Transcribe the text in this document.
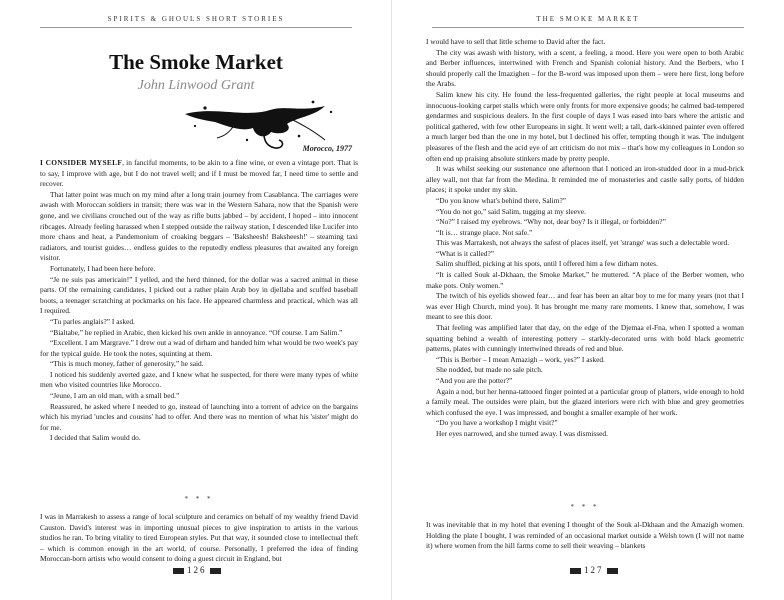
SPIRITS & GHOULS SHORT STORIES
The Smoke Market
John Linwood Grant
Morocco, 1977

I CONSIDER MYSELF, in fanciful moments, to be akin to a fine wine, or even a vintage port. That is to say, I improve with age, but I do not travel well; and if I must be moved far, I need time to settle and recover.

That latter point was much on my mind after a long train journey from Casablanca. The carriages were awash with Moroccan soldiers in transit; there was war in the Western Sahara, now that the Spanish were gone, and we civilians crouched out of the way as rifle butts jabbed – by accident, I hoped – into innocent ribcages. Already feeling harassed when I stepped outside the railway station, I descended like Lucifer into more chaos and heat, a Pandemonium of croaking beggars – 'Baksheesh! Baksheesh!' – steaming taxi radiators, and tourist guides… endless guides to the reputedly endless pleasures that awaited any foreign visitor.

Fortunately, I had been here before.

“Je ne suis pas americain!” I yelled, and the herd thinned, for the dollar was a sacred animal in these parts. Of the remaining candidates, I picked out a rather plain Arab boy in djellaba and scuffed baseball boots, a teenager scratching at pockmarks on his face. He appeared charmless and practical, which was all I required.

“Tu parles anglais?” I asked.

“Bialtabe,” he replied in Arabic, then kicked his own ankle in annoyance. “Of course. I am Salim.”

“Excellent. I am Margrave.” I drew out a wad of dirham and handed him what would be two week's pay for the typical guide. He took the notes, squinting at them.

“This is much money, father of generosity,” he said.

I noticed his suddenly averted gaze, and I knew what he suspected, for there were many types of white men who visited countries like Morocco.

“Jeune, I am an old man, with a small bed.”

Reassured, he asked where I needed to go, instead of launching into a torrent of advice on the bargains which his myriad 'uncles and cousins' had to offer. And there was no mention of what his 'sister' might do for me.

I decided that Salim would do.

* * *

I was in Marrakesh to assess a range of local sculpture and ceramics on behalf of my wealthy friend David Causton. David's interest was in importing unusual pieces to give inspiration to artists in the various studios he ran. To bring vitality to tired European styles. Put that way, it sounded close to intellectual theft – which is common enough in the art world, of course. Personally, I preferred the idea of finding Moroccan-born artists who would consent to doing a guest circuit in England, but

126
THE SMOKE MARKET

I would have to sell that little scheme to David after the fact.

The city was awash with history, with a scent, a feeling, a mood. Here you were open to both Arabic and Berber influences, intertwined with French and Spanish colonial history. And the Berbers, who I should properly call the Imazighen – for the B-word was imposed upon them – were here first, long before the Arabs.

Salim knew his city. He found the less-frequented galleries, the right people at local museums and innocuous-looking carpet stalls which were only fronts for more expensive goods; he calmed bad-tempered gendarmes and suspicious dealers. In the first couple of days I was eased into bars where the artistic and political gathered, with few other Europeans in sight. It went well; a tall, dark-skinned painter even offered a much larger bed than the one in my hotel, but I declined his offer, tempting though it was. The indulgent pleasures of the flesh and the acid eye of art criticism do not mix – that's how my colleagues in London so often end up praising absolute stinkers made by pretty people.

It was whilst seeking our sustenance one afternoon that I noticed an iron-studded door in a mud-brick alley wall, not that far from the Medina. It reminded me of monasteries and castle sally ports, of hidden places; it spoke under my skin.

“Do you know what's behind there, Salim?”

“You do not go,” said Salim, tugging at my sleeve.

“No?” I raised my eyebrows. “Why not, dear boy? Is it illegal, or forbidden?”

“It is… strange place. Not safe.”

This was Marrakesh, not always the safest of places itself, yet 'strange' was such a delectable word.

“What is it called?”

Salim shuffled, picking at his spots, until I offered him a few dirham notes.

“It is called Souk al-Dkhaan, the Smoke Market,” he muttered. “A place of the Berber women, who make pots. Only women.”

The twitch of his eyelids showed fear… and fear has been an altar boy to me for many years (not that I was ever High Church, mind you). It has brought me many rare moments. I knew that, somehow, I was meant to see this door.

That feeling was amplified later that day, on the edge of the Djemaa el-Fna, when I spotted a woman squatting behind a wealth of interesting pottery – starkly-decorated urns with bold black geometric patterns, plates with cunningly intertwined threads of red and blue.

“This is Berber – I mean Amazigh – work, yes?” I asked.

She nodded, but made no sale pitch.

“And you are the potter?”

Again a nod, but her henna-tattooed finger pointed at a particular group of platters, wide enough to hold a family meal. The outsides were plain, but the glazed interiors were rich with blue and grey geometries which confused the eye. I was impressed, and bought a smaller example of her work.

“Do you have a workshop I might visit?”

Her eyes narrowed, and she turned away. I was dismissed.

* * *

It was inevitable that in my hotel that evening I thought of the Souk al-Dkhaan and the Amazigh women. Holding the plate I bought, I was reminded of an occasional market outside a Welsh town (I will not name it) where women from the hill farms come to sell their weaving – blankets

127
